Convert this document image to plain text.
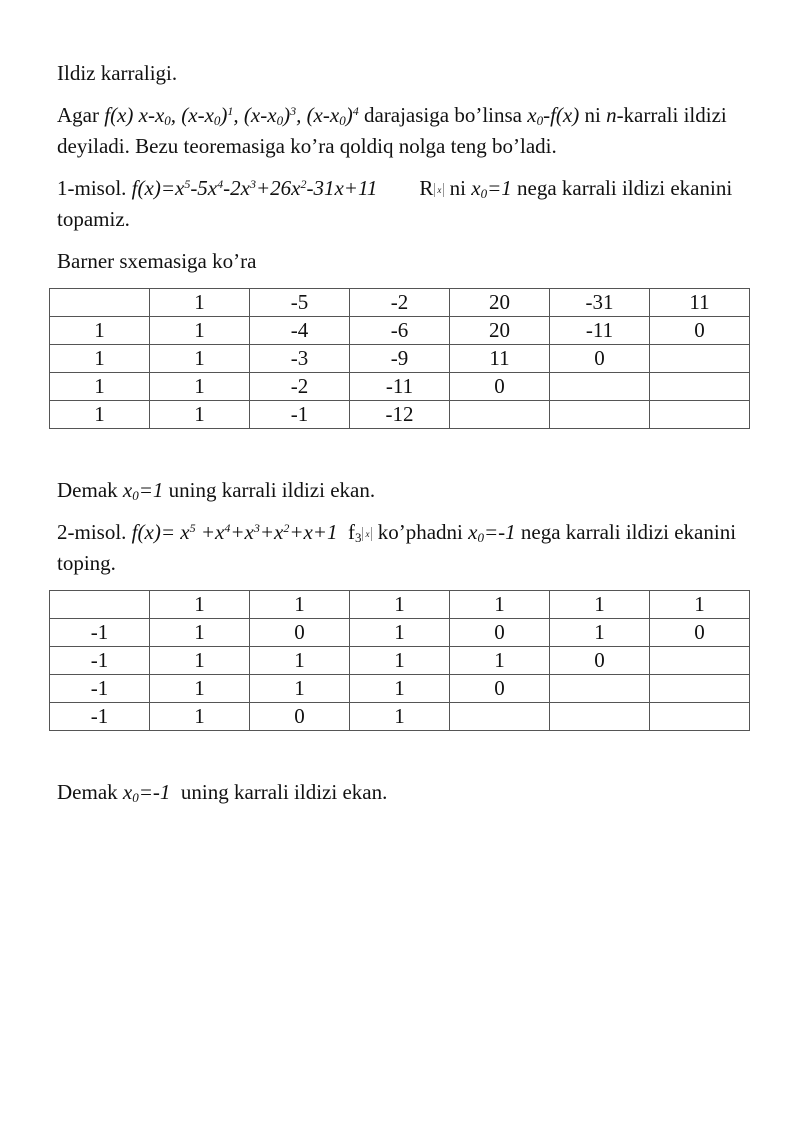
Ildiz karraligi.

Agar f(x) $x-x_0$, $(x-x_0)^1$, $(x-x_0)^3$, $(x-x_0)^4$ darajasiga bo’linsa $x_0-f(x)$ ni n-karrali ildizi deyiladi. Bezu teoremasiga ko’ra qoldiq nolga teng bo’ladi.

1-misol. $f(x)=x^5-5x^4-2x^3+26x^2-31x+11$ R x ni $x_0=1$ nega karrali ildizi ekanini topamiz.

Barner sxemasiga ko’ra

	1	-5	-2	20	-31	11
1	1	-4	-6	20	-11	0
1	1	-3	-9	11	0	
1	1	-2	-11	0		
1	1	-1	-12			

Demak $x_0=1$ uning karrali ildizi ekan.

2-misol. $f(x)= x^5 +x^4+x^3+x^2+x+1$ $f_3$ x ko’phadni $x_0=-1$ nega karrali ildizi ekanini toping.

	1	1	1	1	1	1
-1	1	0	1	0	1	0
-1	1	1	1	1	0	
-1	1	1	1	0		
-1	1	0	1			

Demak $x_0=-1$  uning karrali ildizi ekan.
